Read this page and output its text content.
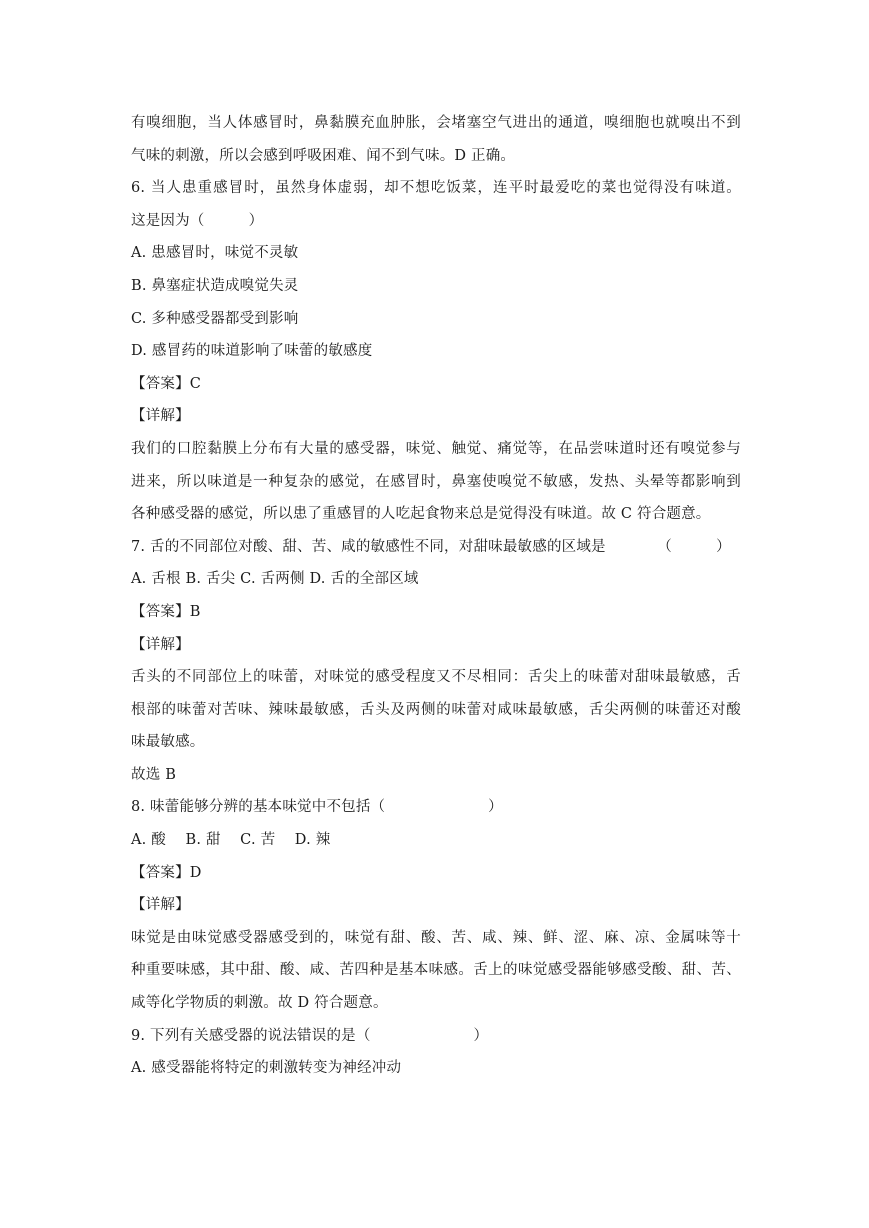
有嗅细胞，当人体感冒时，鼻黏膜充血肿胀，会堵塞空气进出的通道，嗅细胞也就嗅出不到
气味的刺激，所以会感到呼吸困难、闻不到气味。D 正确。
6. 当人患重感冒时，虽然身体虚弱，却不想吃饭菜，连平时最爱吃的菜也觉得没有味道。
这是因为（　　　）
A. 患感冒时，味觉不灵敏
B. 鼻塞症状造成嗅觉失灵
C. 多种感受器都受到影响
D. 感冒药的味道影响了味蕾的敏感度
【答案】C
【详解】
我们的口腔黏膜上分布有大量的感受器，味觉、触觉、痛觉等，在品尝味道时还有嗅觉参与
进来，所以味道是一种复杂的感觉，在感冒时，鼻塞使嗅觉不敏感，发热、头晕等都影响到
各种感受器的感觉，所以患了重感冒的人吃起食物来总是觉得没有味道。故 C 符合题意。
7. 舌的不同部位对酸、甜、苦、咸的敏感性不同，对甜味最敏感的区域是　　　　（　　　）
A. 舌根 B. 舌尖 C. 舌两侧 D. 舌的全部区域
【答案】B
【详解】
舌头的不同部位上的味蕾，对味觉的感受程度又不尽相同：舌尖上的味蕾对甜味最敏感，舌
根部的味蕾对苦味、辣味最敏感，舌头及两侧的味蕾对咸味最敏感，舌尖两侧的味蕾还对酸
味最敏感。
故选 B
8. 味蕾能够分辨的基本味觉中不包括（　　　　　　　）
A. 酸　 B. 甜　 C. 苦　 D. 辣
【答案】D
【详解】
味觉是由味觉感受器感受到的，味觉有甜、酸、苦、咸、辣、鲜、涩、麻、凉、金属味等十
种重要味感，其中甜、酸、咸、苦四种是基本味感。舌上的味觉感受器能够感受酸、甜、苦、
咸等化学物质的刺激。故 D 符合题意。
9. 下列有关感受器的说法错误的是（　　　　　　　）
A. 感受器能将特定的刺激转变为神经冲动
